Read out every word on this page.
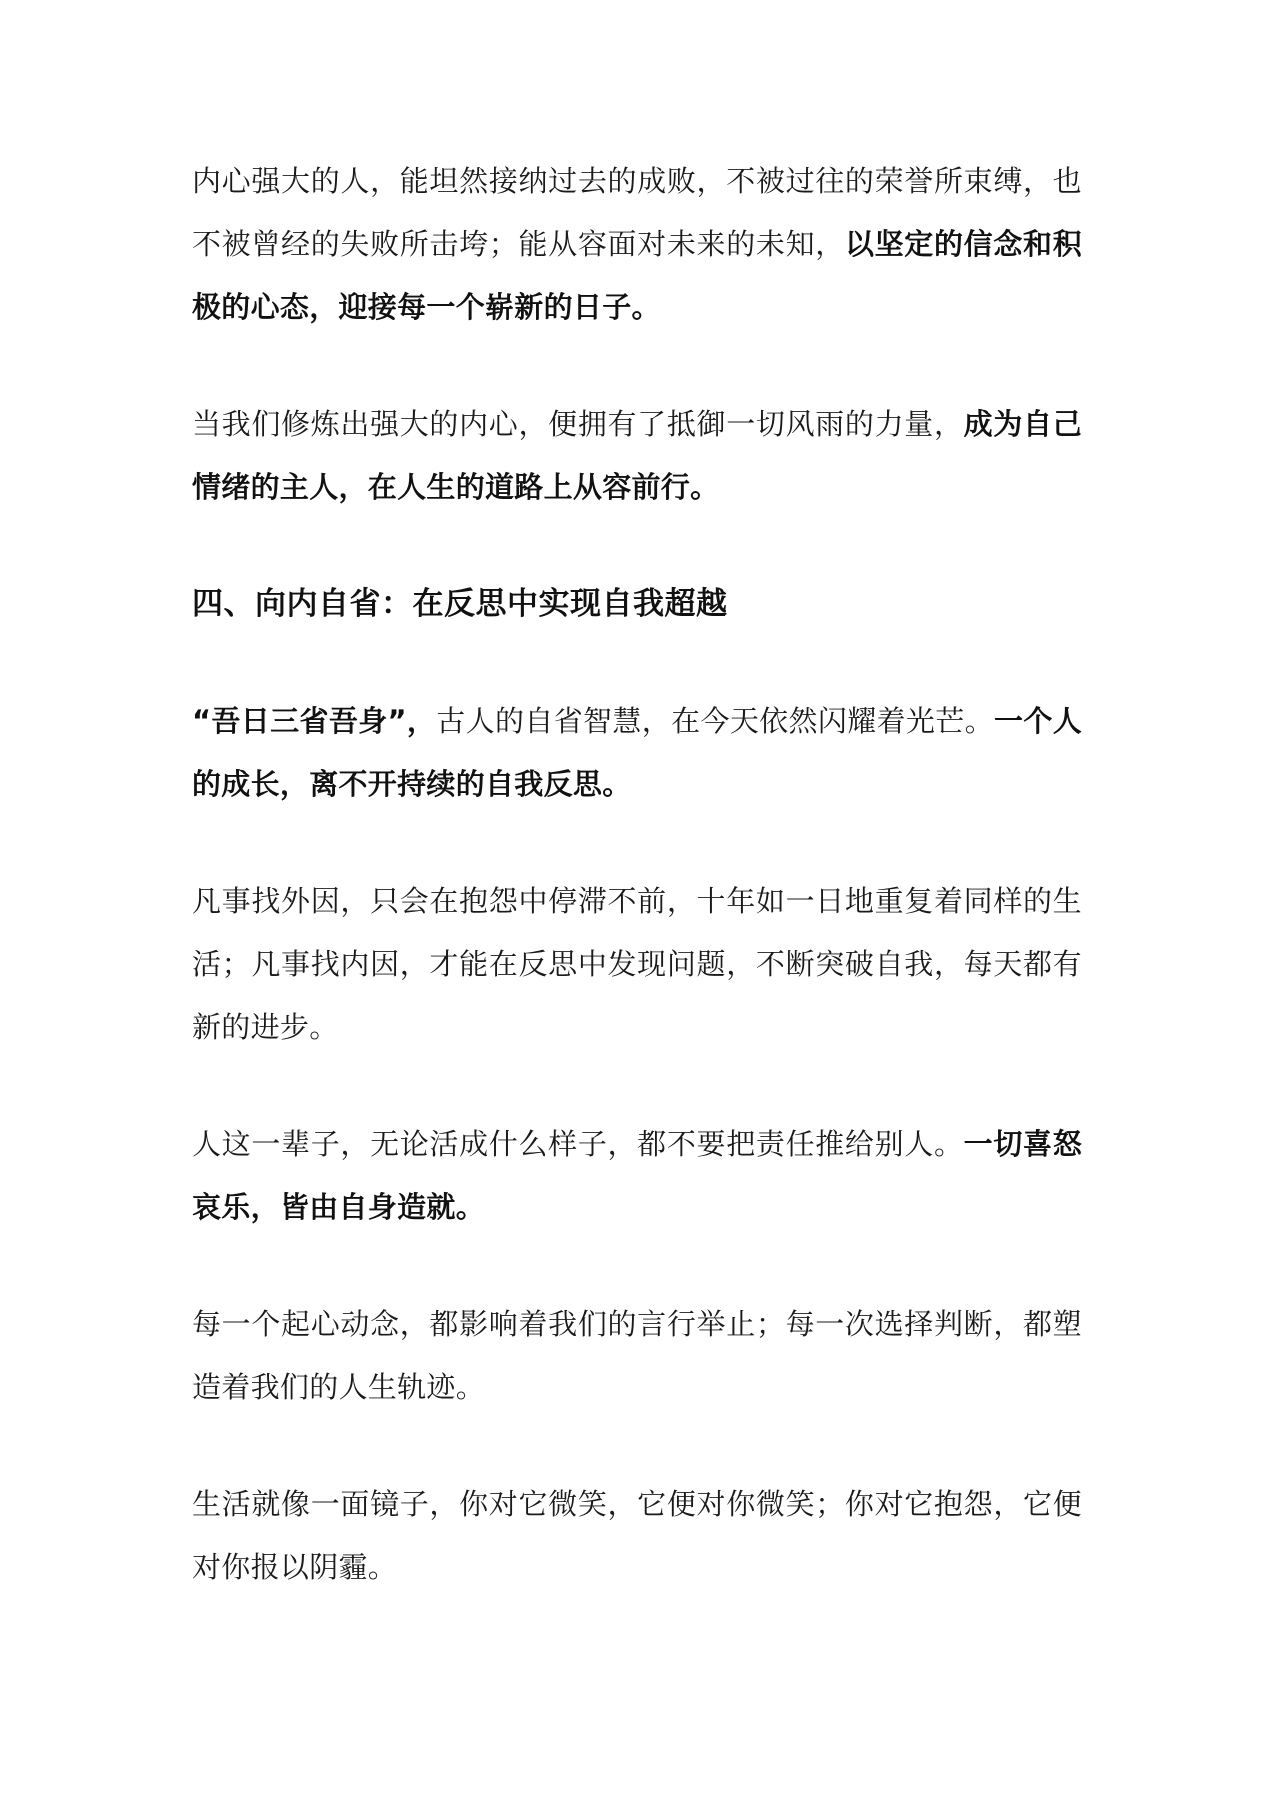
内心强大的人，能坦然接纳过去的成败，不被过往的荣誉所束缚，也不被曾经的失败所击垮；能从容面对未来的未知，以坚定的信念和积极的心态，迎接每一个崭新的日子。

当我们修炼出强大的内心，便拥有了抵御一切风雨的力量，成为自己情绪的主人，在人生的道路上从容前行。

四、向内自省：在反思中实现自我超越

“吾日三省吾身”，古人的自省智慧，在今天依然闪耀着光芒。一个人的成长，离不开持续的自我反思。

凡事找外因，只会在抱怨中停滞不前，十年如一日地重复着同样的生活；凡事找内因，才能在反思中发现问题，不断突破自我，每天都有新的进步。

人这一辈子，无论活成什么样子，都不要把责任推给别人。一切喜怒哀乐，皆由自身造就。

每一个起心动念，都影响着我们的言行举止；每一次选择判断，都塑造着我们的人生轨迹。

生活就像一面镜子，你对它微笑，它便对你微笑；你对它抱怨，它便对你报以阴霾。
